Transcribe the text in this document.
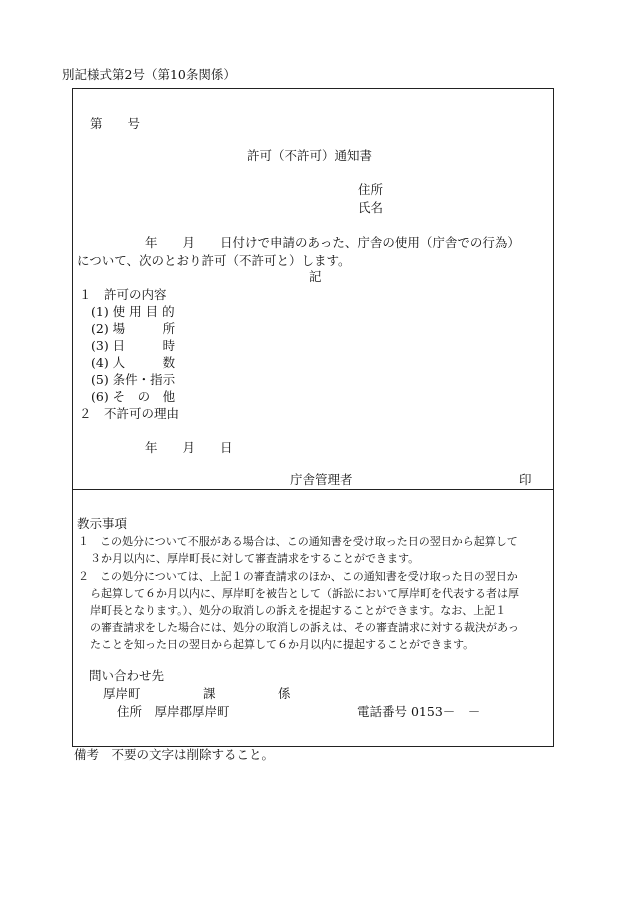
別記様式第2号（第10条関係）
第　　号
許可（不許可）通知書
住所
氏名
年　　月　　日付けで申請のあった、庁舎の使用（庁舎での行為）
について、次のとおり許可（不許可と）します。
記
１　許可の内容
(1) 使 用 目 的
(2) 場　　　所
(3) 日　　　時
(4) 人　　　数
(5) 条件・指示
(6) そ　の　他
２　不許可の理由
年　　月　　日
庁舎管理者	印
教示事項
１　この処分について不服がある場合は、この通知書を受け取った日の翌日から起算して
３か月以内に、厚岸町長に対して審査請求をすることができます。
２　この処分については、上記１の審査請求のほか、この通知書を受け取った日の翌日か
ら起算して６か月以内に、厚岸町を被告として（訴訟において厚岸町を代表する者は厚
岸町長となります。）、処分の取消しの訴えを提起することができます。なお、上記１
の審査請求をした場合には、処分の取消しの訴えは、その審査請求に対する裁決があっ
たことを知った日の翌日から起算して６か月以内に提起することができます。
問い合わせ先
厚岸町　　　　　課　　　　　係
住所　厚岸郡厚岸町	電話番号 0153－　－
備考　不要の文字は削除すること。
